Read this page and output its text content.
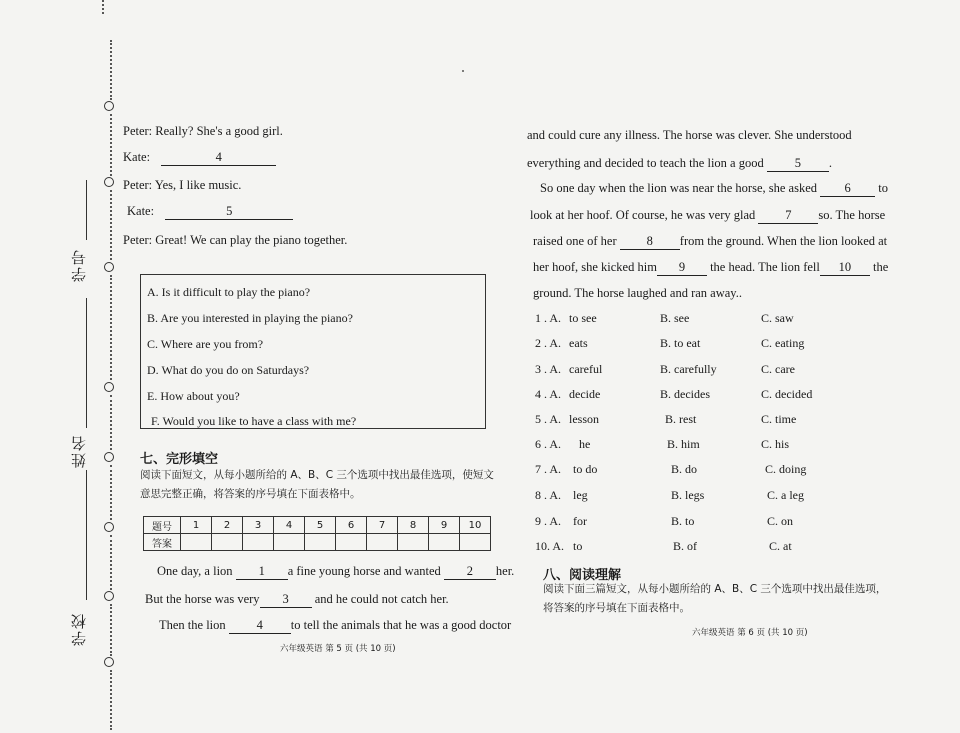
学号
姓名
学校
Peter: Really? She's a good girl.
Kate:	4
Peter: Yes, I like music.
Kate:	5
Peter: Great! We can play the piano together.
A. Is it difficult to play the piano?
B. Are you interested in playing the piano?
C. Where are you from?
D. What do you do on Saturdays?
E. How about you?
F. Would you like to have a class with me?
七、完形填空
阅读下面短文，从每小题所给的 A、B、C 三个选项中找出最佳选项，使短文意思完整正确，将答案的序号填在下面表格中。
题号	1	2	3	4	5	6	7	8	9	10
答案										
One day, a lion 1 a fine young horse and wanted 2 her.
But the horse was very 3 and he could not catch her.
Then the lion 4 to tell the animals that he was a good doctor
六年级英语 第 5 页 (共 10 页)
and could cure any illness. The horse was clever. She understood
everything and decided to teach the lion a good 5 .
So one day when the lion was near the horse, she asked 6 to
look at her hoof. Of course, he was very glad 7 so. The horse
raised one of her 8 from the ground. When the lion looked at
her hoof, she kicked him 9 the head. The lion fell 10 the
ground. The horse laughed and ran away..
1 . A. to see	B. see	C. saw
2 . A. eats	B. to eat	C. eating
3 . A. careful	B. carefully	C. care
4 . A. decide	B. decides	C. decided
5 . A. lesson	B. rest	C. time
6 . A. he	B. him	C. his
7 . A. to do	B. do	C. doing
8 . A. leg	B. legs	C. a leg
9 . A. for	B. to	C. on
10. A. to	B. of	C. at
八、阅读理解
阅读下面三篇短文，从每小题所给的 A、B、C 三个选项中找出最佳选项，将答案的序号填在下面表格中。
六年级英语 第 6 页 (共 10 页)
